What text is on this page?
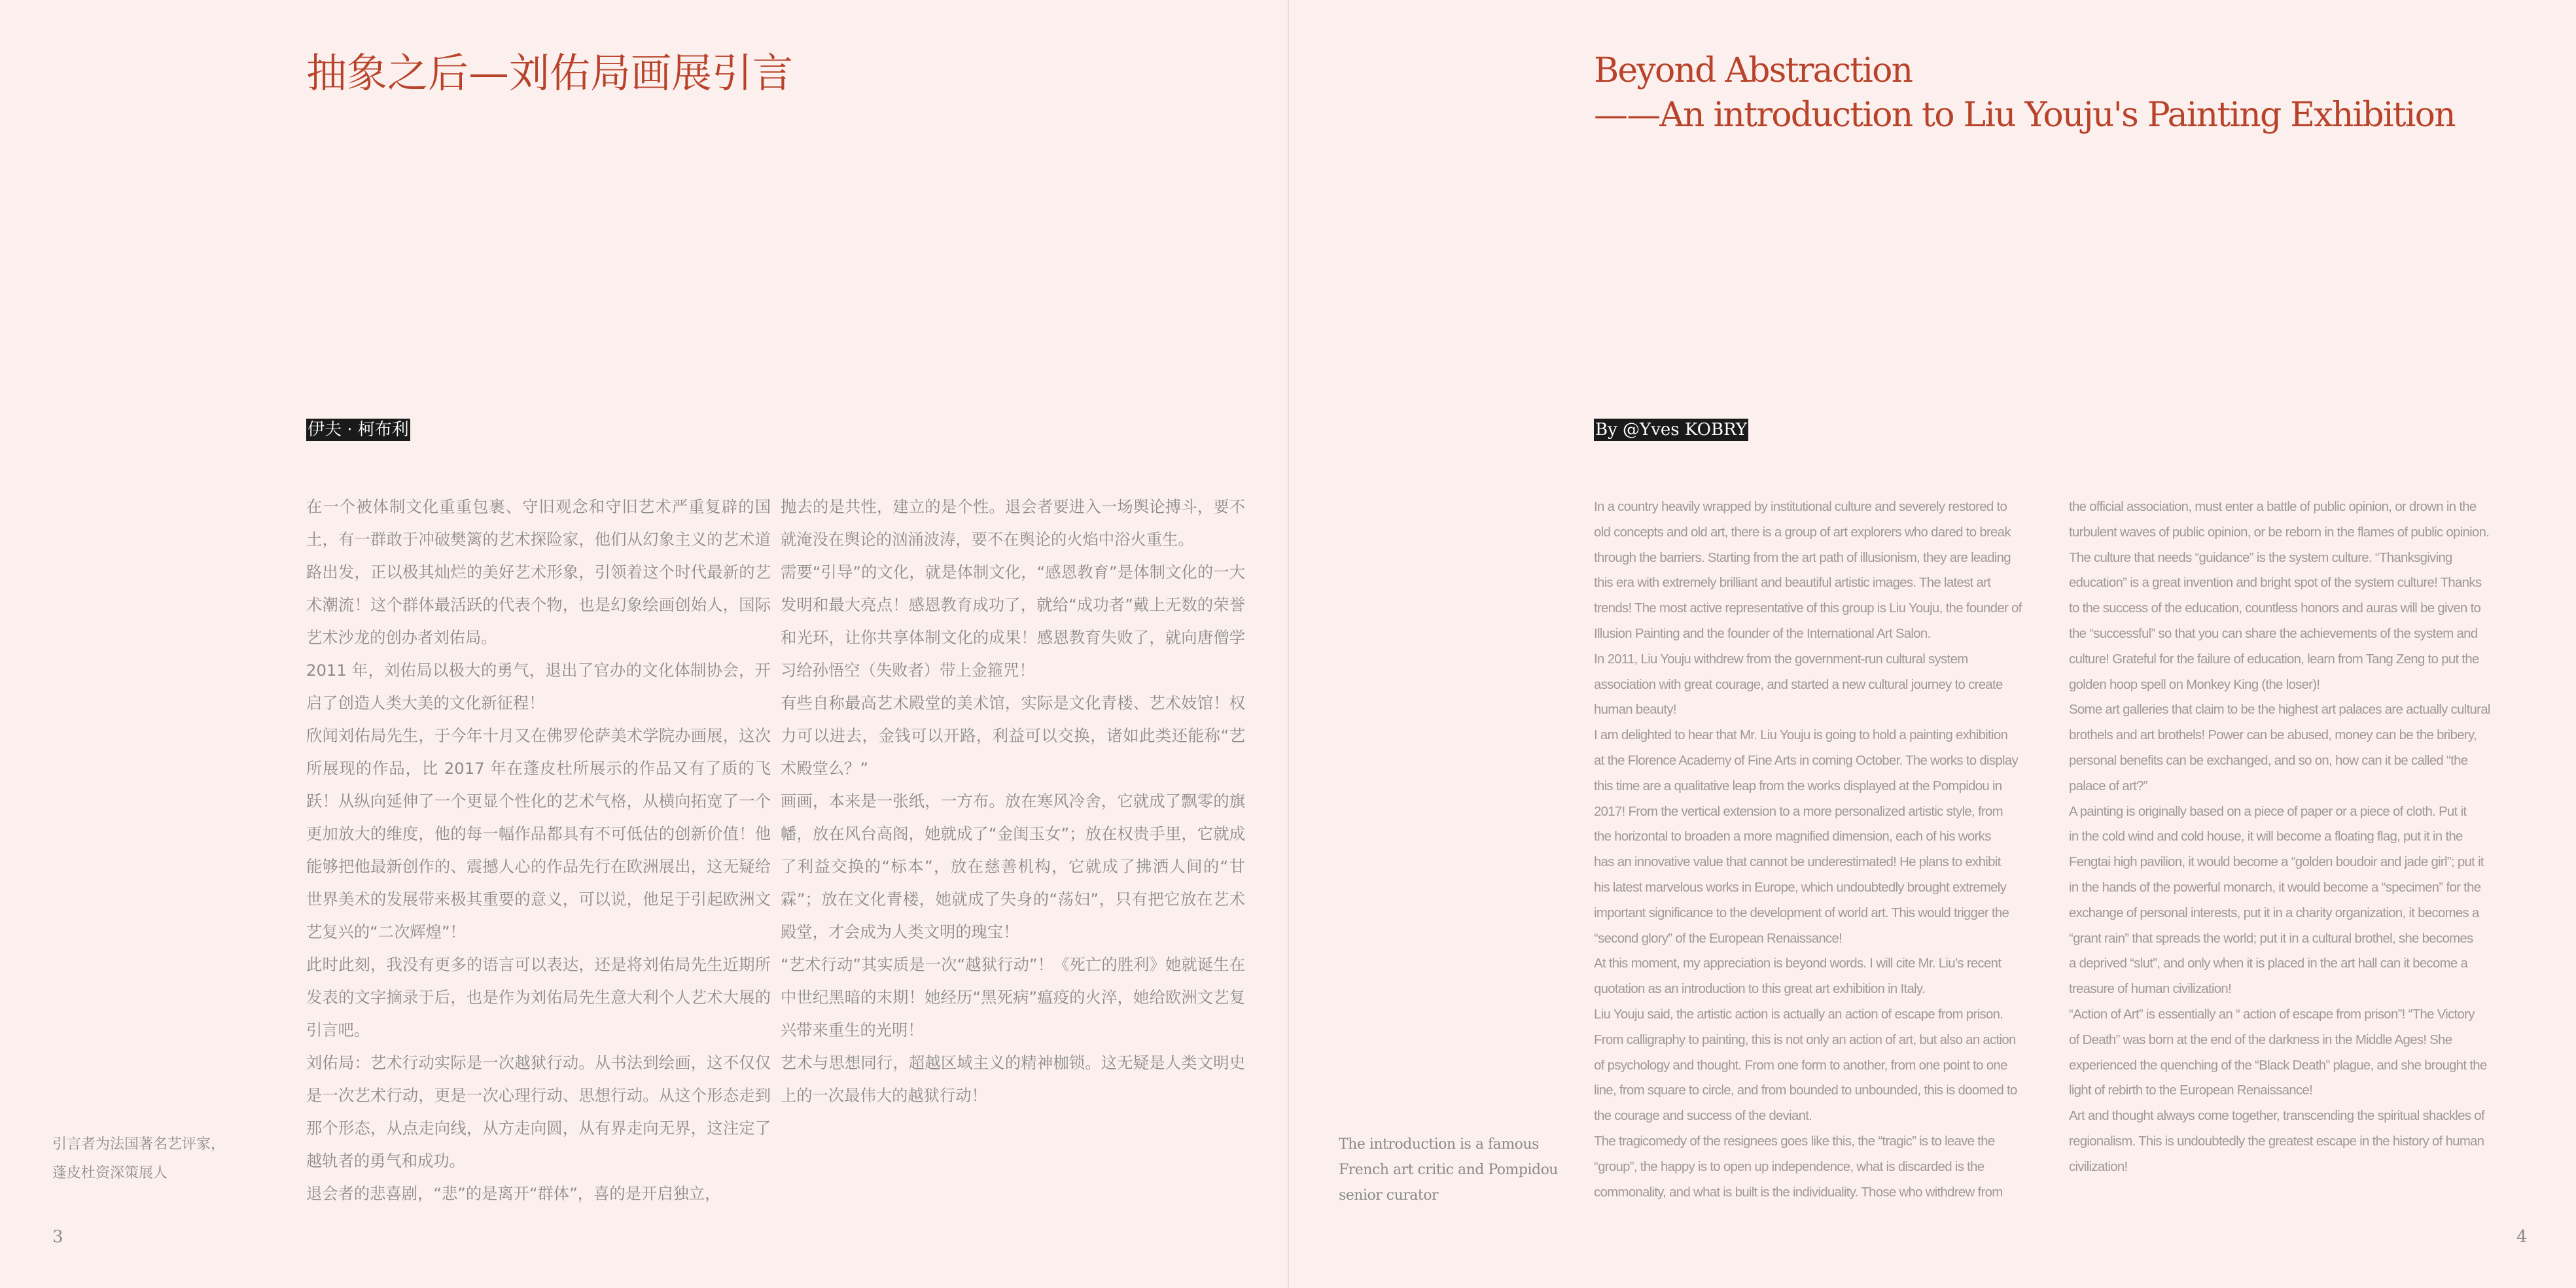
抽象之后—刘佑局画展引言
伊夫 · 柯布利

在一个被体制文化重重包裹、守旧观念和守旧艺术严重复辟的国土，有一群敢于冲破樊篱的艺术探险家，他们从幻象主义的艺术道路出发，正以极其灿烂的美好艺术形象，引领着这个时代最新的艺术潮流！这个群体最活跃的代表个物，也是幻象绘画创始人，国际艺术沙龙的创办者刘佑局。

2011 年，刘佑局以极大的勇气，退出了官办的文化体制协会，开启了创造人类大美的文化新征程！

欣闻刘佑局先生，于今年十月又在佛罗伦萨美术学院办画展，这次所展现的作品，比 2017 年在蓬皮杜所展示的作品又有了质的飞跃！从纵向延伸了一个更显个性化的艺术气格，从横向拓宽了一个更加放大的维度，他的每一幅作品都具有不可低估的创新价值！他能够把他最新创作的、震撼人心的作品先行在欧洲展出，这无疑给世界美术的发展带来极其重要的意义，可以说，他足于引起欧洲文艺复兴的“二次辉煌”！

此时此刻，我没有更多的语言可以表达，还是将刘佑局先生近期所发表的文字摘录于后，也是作为刘佑局先生意大利个人艺术大展的引言吧。

刘佑局：艺术行动实际是一次越狱行动。从书法到绘画，这不仅仅是一次艺术行动，更是一次心理行动、思想行动。从这个形态走到那个形态，从点走向线，从方走向圆，从有界走向无界，这注定了越轨者的勇气和成功。

退会者的悲喜剧，“悲”的是离开“群体”，喜的是开启独立，

抛去的是共性，建立的是个性。退会者要进入一场舆论搏斗，要不就淹没在舆论的汹涌波涛，要不在舆论的火焰中浴火重生。

需要“引导”的文化，就是体制文化，“感恩教育”是体制文化的一大发明和最大亮点！感恩教育成功了，就给“成功者”戴上无数的荣誉和光环，让你共享体制文化的成果！感恩教育失败了，就向唐僧学习给孙悟空（失败者）带上金箍咒！

有些自称最高艺术殿堂的美术馆，实际是文化青楼、艺术妓馆！权力可以进去，金钱可以开路，利益可以交换，诸如此类还能称“艺术殿堂么？”

画画，本来是一张纸，一方布。放在寒风冷舍，它就成了飘零的旗幡，放在风台高阁，她就成了“金闺玉女”；放在权贵手里，它就成了利益交换的“标本”，放在慈善机构，它就成了拂洒人间的“甘霖”；放在文化青楼，她就成了失身的“荡妇”，只有把它放在艺术殿堂，才会成为人类文明的瑰宝！

“艺术行动”其实质是一次“越狱行动”！《死亡的胜利》她就诞生在中世纪黑暗的末期！她经历“黑死病”瘟疫的火淬，她给欧洲文艺复兴带来重生的光明！

艺术与思想同行，超越区域主义的精神枷锁。这无疑是人类文明史上的一次最伟大的越狱行动！

引言者为法国著名艺评家，
蓬皮杜资深策展人
3
Beyond Abstraction
——An introduction to Liu Youju's Painting Exhibition
By @Yves KOBRY
In a country heavily wrapped by institutional culture and severely restored to
old concepts and old art, there is a group of art explorers who dared to break
through the barriers. Starting from the art path of illusionism, they are leading
this era with extremely brilliant and beautiful artistic images. The latest art
trends! The most active representative of this group is Liu Youju, the founder of
Illusion Painting and the founder of the International Art Salon.
In 2011, Liu Youju withdrew from the government-run cultural system
association with great courage, and started a new cultural journey to create
human beauty!
I am delighted to hear that Mr. Liu Youju is going to hold a painting exhibition
at the Florence Academy of Fine Arts in coming October. The works to display
this time are a qualitative leap from the works displayed at the Pompidou in
2017! From the vertical extension to a more personalized artistic style, from
the horizontal to broaden a more magnified dimension, each of his works
has an innovative value that cannot be underestimated! He plans to exhibit
his latest marvelous works in Europe, which undoubtedly brought extremely
important significance to the development of world art. This would trigger the
“second glory” of the European Renaissance!
At this moment, my appreciation is beyond words. I will cite Mr. Liu’s recent
quotation as an introduction to this great art exhibition in Italy.
Liu Youju said, the artistic action is actually an action of escape from prison.
From calligraphy to painting, this is not only an action of art, but also an action
of psychology and thought. From one form to another, from one point to one
line, from square to circle, and from bounded to unbounded, this is doomed to
the courage and success of the deviant.
The tragicomedy of the resignees goes like this, the “tragic” is to leave the
“group”, the happy is to open up independence, what is discarded is the
commonality, and what is built is the individuality. Those who withdrew from
the official association, must enter a battle of public opinion, or drown in the
turbulent waves of public opinion, or be reborn in the flames of public opinion.
The culture that needs “guidance” is the system culture. “Thanksgiving
education” is a great invention and bright spot of the system culture! Thanks
to the success of the education, countless honors and auras will be given to
the “successful” so that you can share the achievements of the system and
culture! Grateful for the failure of education, learn from Tang Zeng to put the
golden hoop spell on Monkey King (the loser)!
Some art galleries that claim to be the highest art palaces are actually cultural
brothels and art brothels! Power can be abused, money can be the bribery,
personal benefits can be exchanged, and so on, how can it be called “the
palace of art?”
A painting is originally based on a piece of paper or a piece of cloth. Put it
in the cold wind and cold house, it will become a floating flag, put it in the
Fengtai high pavilion, it would become a “golden boudoir and jade girl”; put it
in the hands of the powerful monarch, it would become a “specimen” for the
exchange of personal interests, put it in a charity organization, it becomes a
“grant rain” that spreads the world; put it in a cultural brothel, she becomes
a deprived “slut”, and only when it is placed in the art hall can it become a
treasure of human civilization!
“Action of Art” is essentially an “ action of escape from prison”! “The Victory
of Death” was born at the end of the darkness in the Middle Ages! She
experienced the quenching of the “Black Death” plague, and she brought the
light of rebirth to the European Renaissance!
Art and thought always come together, transcending the spiritual shackles of
regionalism. This is undoubtedly the greatest escape in the history of human
civilization!
The introduction is a famous
French art critic and Pompidou
senior curator
4
